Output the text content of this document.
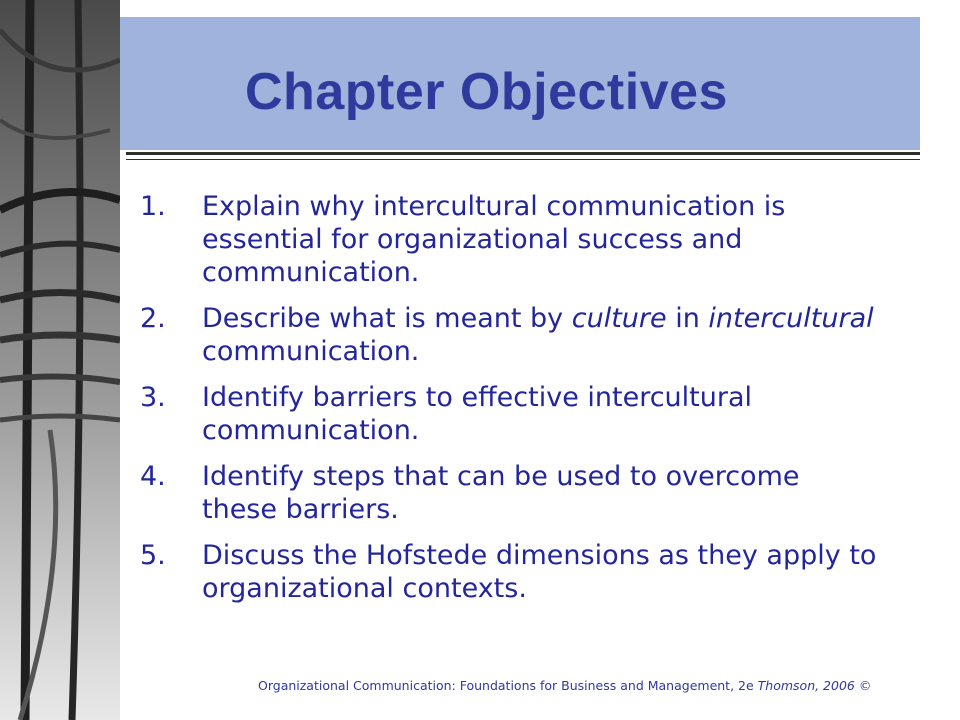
Chapter Objectives
1.	Explain why intercultural communication is essential for organizational success and communication.
2.	Describe what is meant by culture in intercultural communication.
3.	Identify barriers to effective intercultural communication.
4.	Identify steps that can be used to overcome these barriers.
5.	Discuss the Hofstede dimensions as they apply to organizational contexts.
Organizational Communication: Foundations for Business and Management, 2e Thomson, 2006 ©
